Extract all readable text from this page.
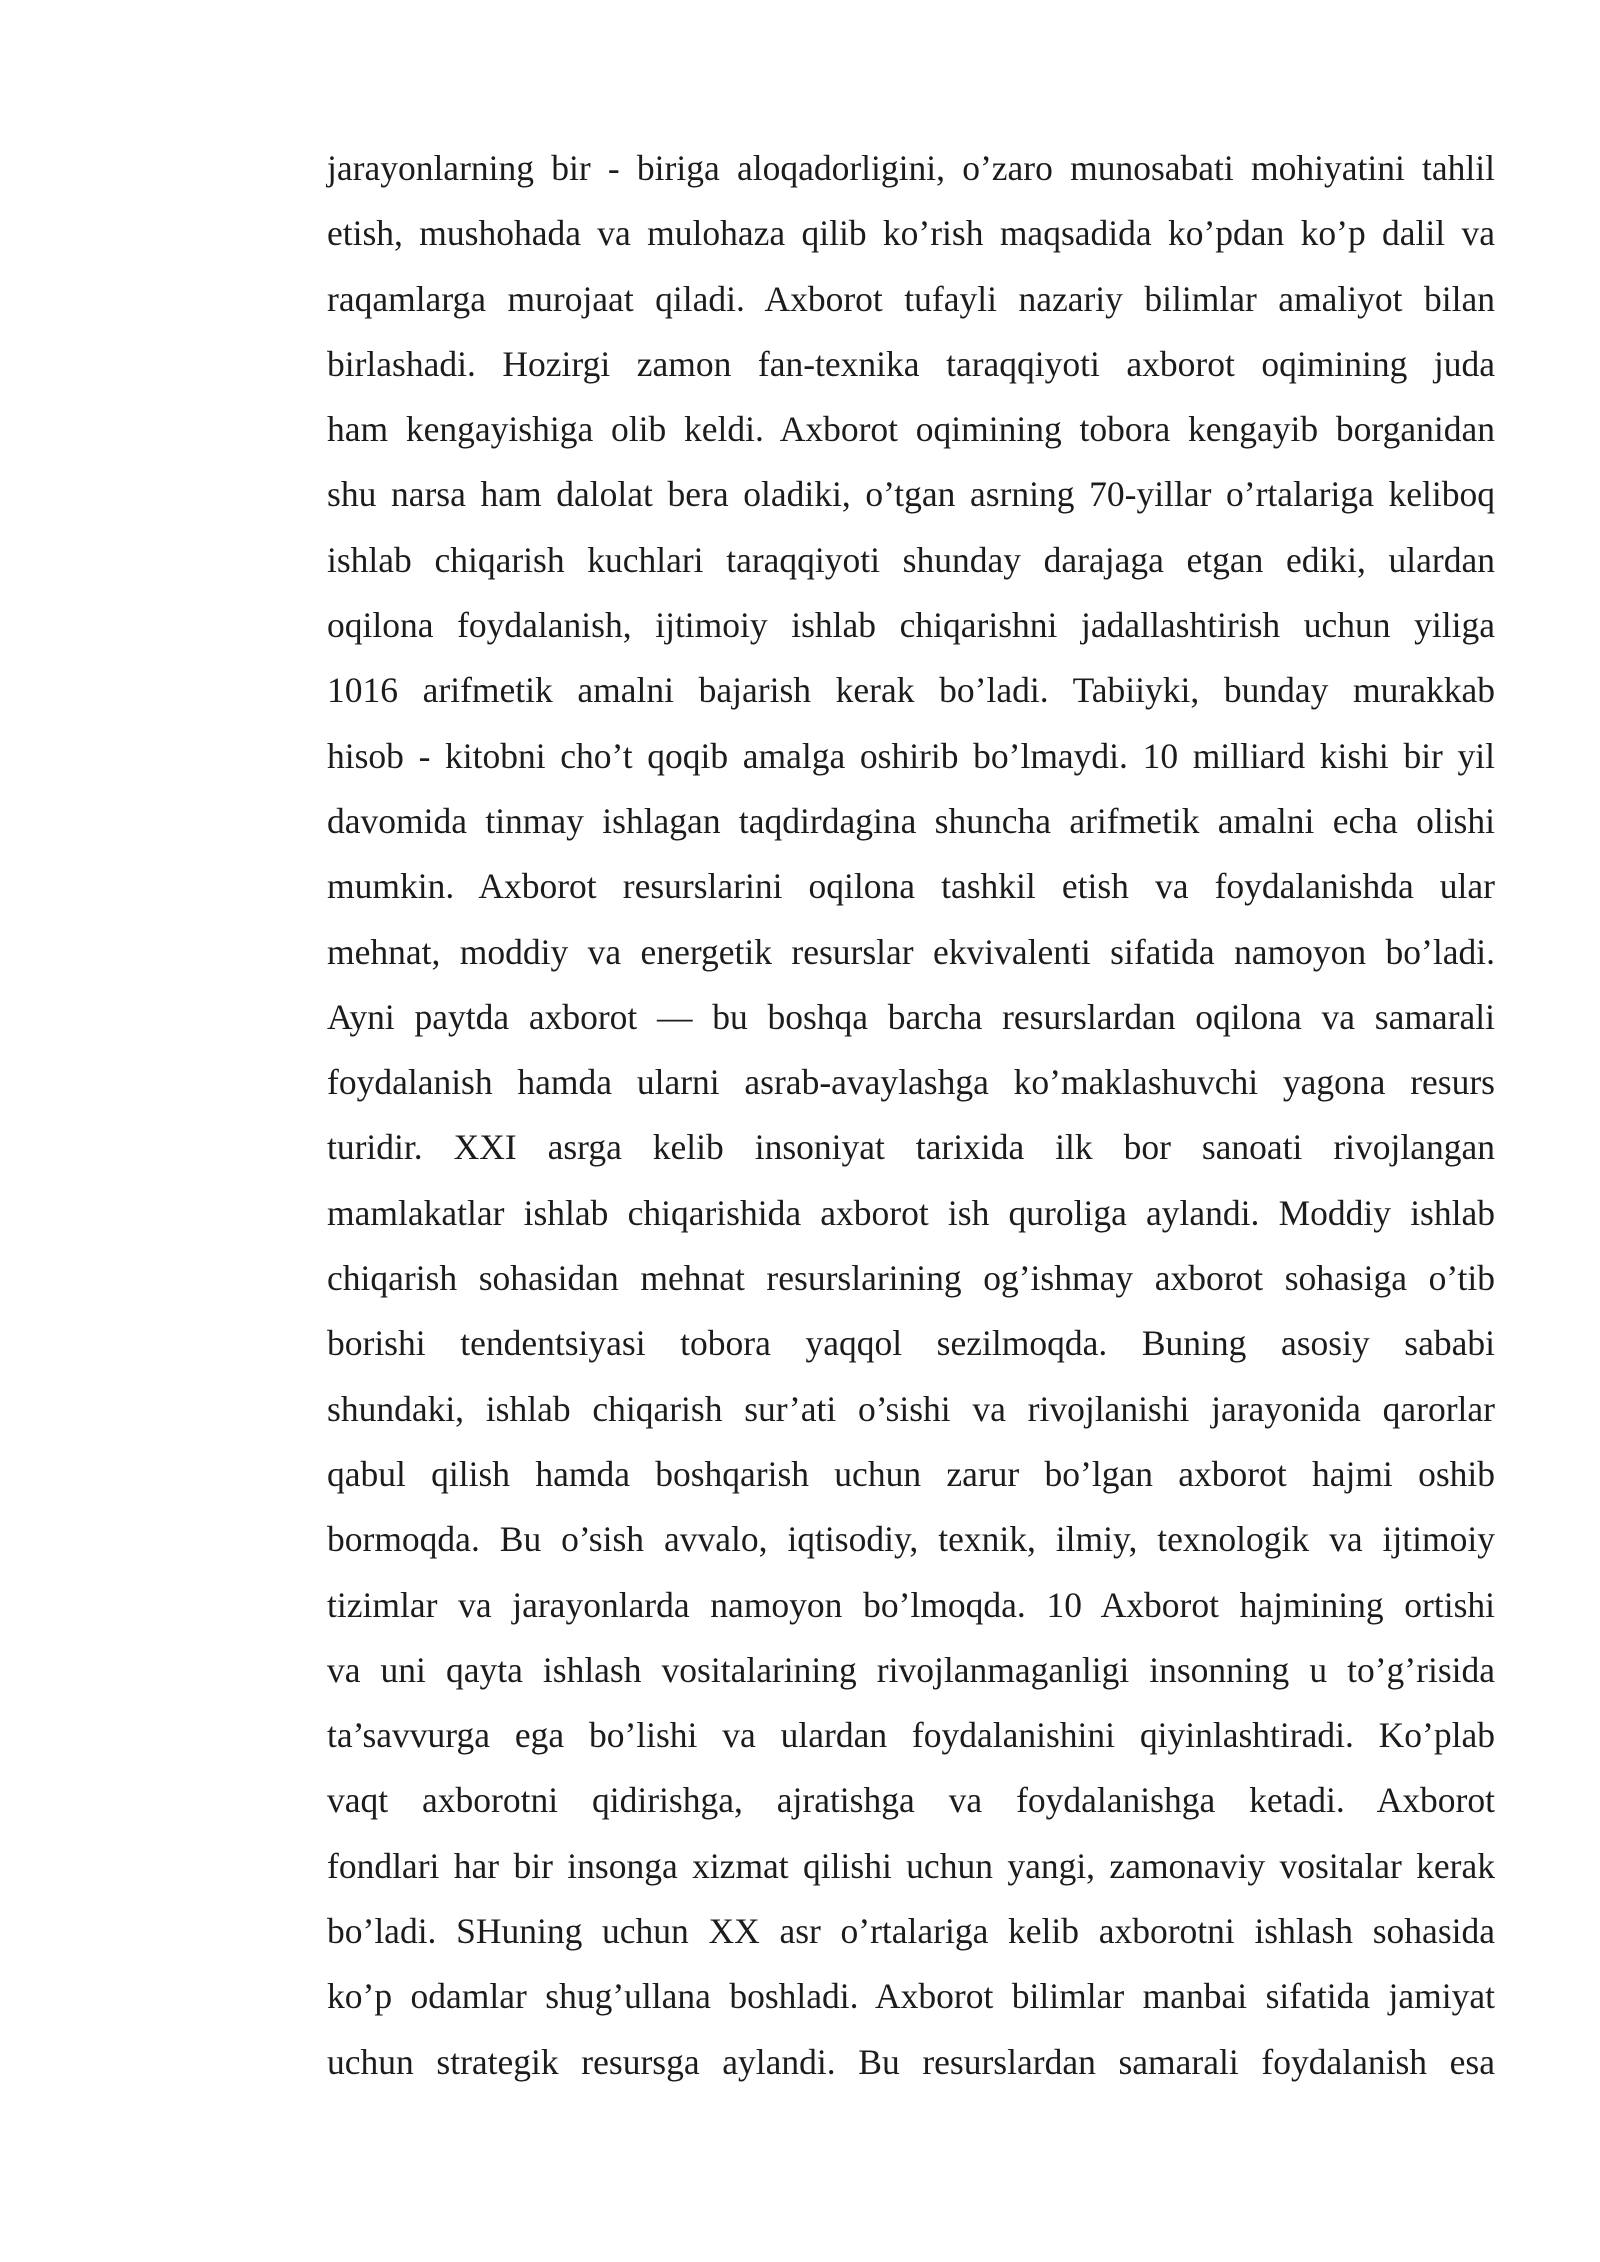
jarayonlarning bir - biriga aloqadorligini, o’zaro munosabati mohiyatini tahlil
etish, mushohada va mulohaza qilib ko’rish maqsadida ko’pdan ko’p dalil va
raqamlarga murojaat qiladi. Axborot tufayli nazariy bilimlar amaliyot bilan
birlashadi. Hozirgi zamon fan-texnika taraqqiyoti axborot oqimining juda
ham kengayishiga olib keldi. Axborot oqimining tobora kengayib borganidan
shu narsa ham dalolat bera oladiki, o’tgan asrning 70-yillar o’rtalariga keliboq
ishlab chiqarish kuchlari taraqqiyoti shunday darajaga etgan ediki, ulardan
oqilona foydalanish, ijtimoiy ishlab chiqarishni jadallashtirish uchun yiliga
1016 arifmetik amalni bajarish kerak bo’ladi. Tabiiyki, bunday murakkab
hisob - kitobni cho’t qoqib amalga oshirib bo’lmaydi. 10 milliard kishi bir yil
davomida tinmay ishlagan taqdirdagina shuncha arifmetik amalni echa olishi
mumkin. Axborot resurslarini oqilona tashkil etish va foydalanishda ular
mehnat, moddiy va energetik resurslar ekvivalenti sifatida namoyon bo’ladi.
Ayni paytda axborot — bu boshqa barcha resurslardan oqilona va samarali
foydalanish hamda ularni asrab-avaylashga ko’maklashuvchi yagona resurs
turidir. XXI asrga kelib insoniyat tarixida ilk bor sanoati rivojlangan
mamlakatlar ishlab chiqarishida axborot ish quroliga aylandi. Moddiy ishlab
chiqarish sohasidan mehnat resurslarining og’ishmay axborot sohasiga o’tib
borishi tendentsiyasi tobora yaqqol sezilmoqda. Buning asosiy sababi
shundaki, ishlab chiqarish sur’ati o’sishi va rivojlanishi jarayonida qarorlar
qabul qilish hamda boshqarish uchun zarur bo’lgan axborot hajmi oshib
bormoqda. Bu o’sish avvalo, iqtisodiy, texnik, ilmiy, texnologik va ijtimoiy
tizimlar va jarayonlarda namoyon bo’lmoqda. 10 Axborot hajmining ortishi
va uni qayta ishlash vositalarining rivojlanmaganligi insonning u to’g’risida
ta’savvurga ega bo’lishi va ulardan foydalanishini qiyinlashtiradi. Ko’plab
vaqt axborotni qidirishga, ajratishga va foydalanishga ketadi. Axborot
fondlari har bir insonga xizmat qilishi uchun yangi, zamonaviy vositalar kerak
bo’ladi. SHuning uchun XX asr o’rtalariga kelib axborotni ishlash sohasida
ko’p odamlar shug’ullana boshladi. Axborot bilimlar manbai sifatida jamiyat
uchun strategik resursga aylandi. Bu resurslardan samarali foydalanish esa
